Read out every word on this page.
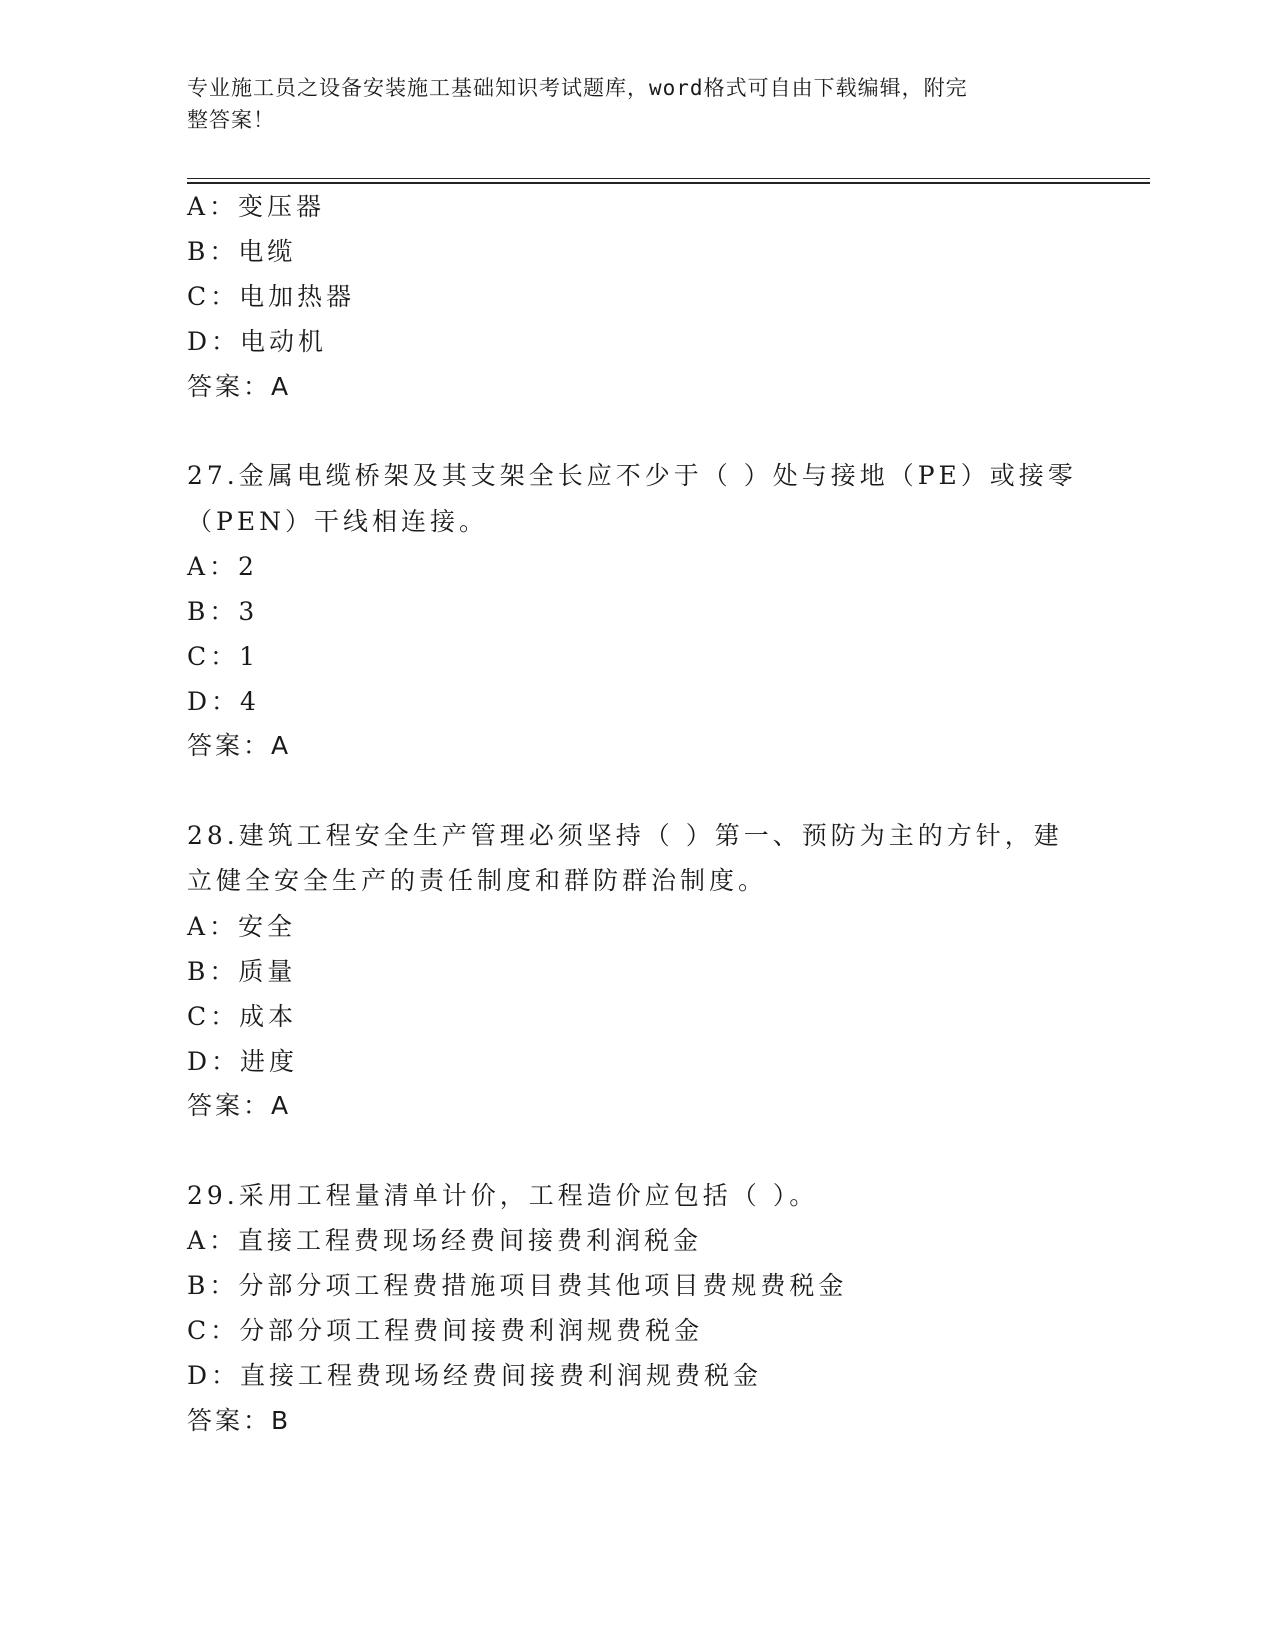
专业施工员之设备安装施工基础知识考试题库，word格式可自由下载编辑，附完
整答案！
A：变压器
B：电缆
C：电加热器
D：电动机
答案：A
27.金属电缆桥架及其支架全长应不少于（ ）处与接地（PE）或接零
（PEN）干线相连接。
A：2
B：3
C：1
D：4
答案：A
28.建筑工程安全生产管理必须坚持（ ）第一、预防为主的方针，建
立健全安全生产的责任制度和群防群治制度。
A：安全
B：质量
C：成本
D：进度
答案：A
29.采用工程量清单计价，工程造价应包括（ ）。
A：直接工程费现场经费间接费利润税金
B：分部分项工程费措施项目费其他项目费规费税金
C：分部分项工程费间接费利润规费税金
D：直接工程费现场经费间接费利润规费税金
答案：B
